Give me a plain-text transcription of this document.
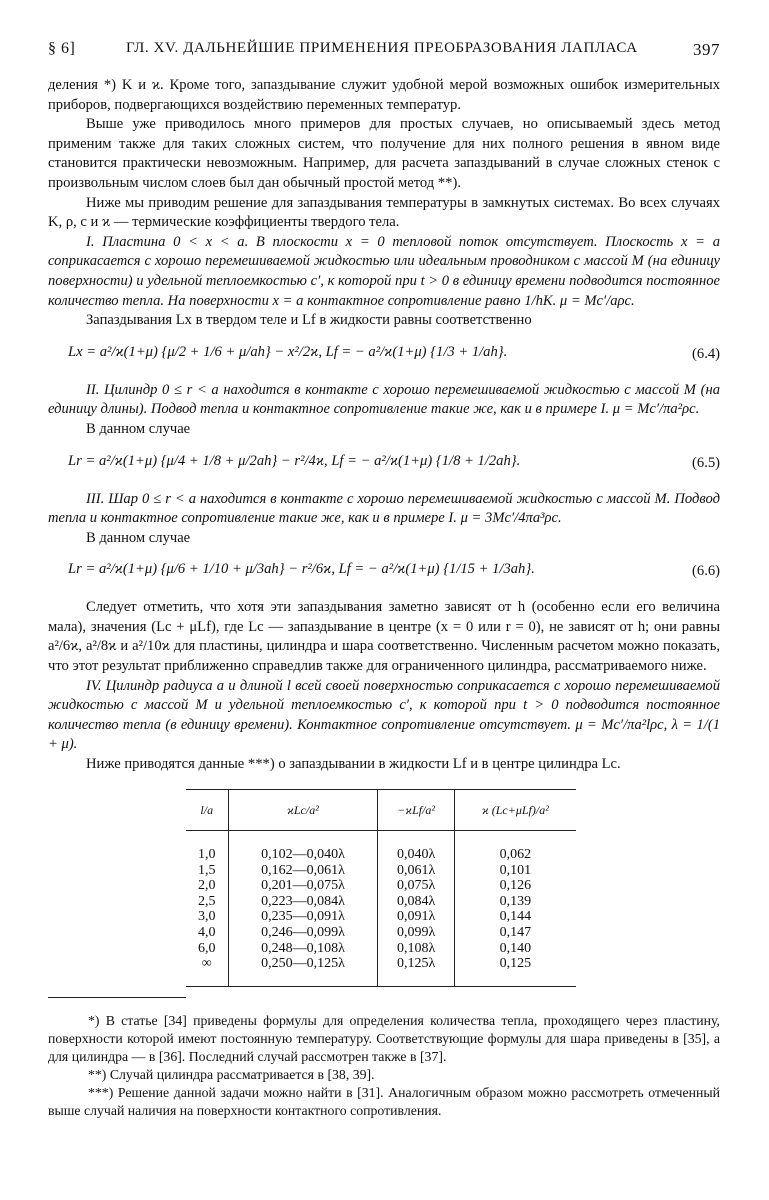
§ 6]	ГЛ. XV. ДАЛЬНЕЙШИЕ ПРИМЕНЕНИЯ ПРЕОБРАЗОВАНИЯ ЛАПЛАСА	397

деления *) K и ϰ. Кроме того, запаздывание служит удобной мерой возможных ошибок измерительных приборов, подвергающихся воздействию переменных температур.

Выше уже приводилось много примеров для простых случаев, но описываемый здесь метод применим также для таких сложных систем, что получение для них полного решения в явном виде становится практически невозможным. Например, для расчета запаздываний в случае сложных стенок с произвольным числом слоев был дан обычный простой метод **).

Ниже мы приводим решение для запаздывания температуры в замкнутых системах. Во всех случаях K, ρ, c и ϰ — термические коэффициенты твердого тела.

I. Пластина 0 < x < a. В плоскости x = 0 тепловой поток отсутствует. Плоскость x = a соприкасается с хорошо перемешиваемой жидкостью или идеальным проводником с массой M (на единицу поверхности) и удельной теплоемкостью c′, к которой при t > 0 в единицу времени подводится постоянное количество тепла. На поверхности x = a контактное сопротивление равно 1/hK. μ = Mc′/aρc.

Запаздывания Lx в твердом теле и Lf в жидкости равны соответственно

Lx = a²/ϰ(1+μ) {μ/2 + 1/6 + μ/ah} − x²/2ϰ, Lf = − a²/ϰ(1+μ) {1/3 + 1/ah}.	(6.4)

II. Цилиндр 0 ≤ r < a находится в контакте с хорошо перемешиваемой жидкостью с массой M (на единицу длины). Подвод тепла и контактное сопротивление такие же, как и в примере I. μ = Mc′/πa²ρc.

В данном случае

Lr = a²/ϰ(1+μ) {μ/4 + 1/8 + μ/2ah} − r²/4ϰ, Lf = − a²/ϰ(1+μ) {1/8 + 1/2ah}.	(6.5)

III. Шар 0 ≤ r < a находится в контакте с хорошо перемешиваемой жидкостью с массой M. Подвод тепла и контактное сопротивление такие же, как и в примере I. μ = 3Mc′/4πa³ρc.

В данном случае

Lr = a²/ϰ(1+μ) {μ/6 + 1/10 + μ/3ah} − r²/6ϰ, Lf = − a²/ϰ(1+μ) {1/15 + 1/3ah}.	(6.6)

Следует отметить, что хотя эти запаздывания заметно зависят от h (особенно если его величина мала), значения (Lc + μLf), где Lc — запаздывание в центре (x = 0 или r = 0), не зависят от h; они равны a²/6ϰ, a²/8ϰ и a²/10ϰ для пластины, цилиндра и шара соответственно. Численным расчетом можно показать, что этот результат приближенно справедлив также для ограниченного цилиндра, рассматриваемого ниже.

IV. Цилиндр радиуса a и длиной l всей своей поверхностью соприкасается с хорошо перемешиваемой жидкостью с массой M и удельной теплоемкостью c′, к которой при t > 0 подводится постоянное количество тепла (в единицу времени). Контактное сопротивление отсутствует. μ = Mc′/πa²lρc, λ = 1/(1 + μ).

Ниже приводятся данные ***) о запаздывании в жидкости Lf и в центре цилиндра Lc.

l/a	ϰLc/a²	−ϰLf/a²	ϰ (Lc+μLf)/a²
1,0	0,102—0,040λ	0,040λ	0,062
1,5	0,162—0,061λ	0,061λ	0,101
2,0	0,201—0,075λ	0,075λ	0,126
2,5	0,223—0,084λ	0,084λ	0,139
3,0	0,235—0,091λ	0,091λ	0,144
4,0	0,246—0,099λ	0,099λ	0,147
6,0	0,248—0,108λ	0,108λ	0,140
∞	0,250—0,125λ	0,125λ	0,125

*) В статье [34] приведены формулы для определения количества тепла, проходящего через пластину, поверхности которой имеют постоянную температуру. Соответствующие формулы для шара приведены в [35], а для цилиндра — в [36]. Последний случай рассмотрен также в [37].

**) Случай цилиндра рассматривается в [38, 39].

***) Решение данной задачи можно найти в [31]. Аналогичным образом можно рассмотреть отмеченный выше случай наличия на поверхности контактного сопротивления.
